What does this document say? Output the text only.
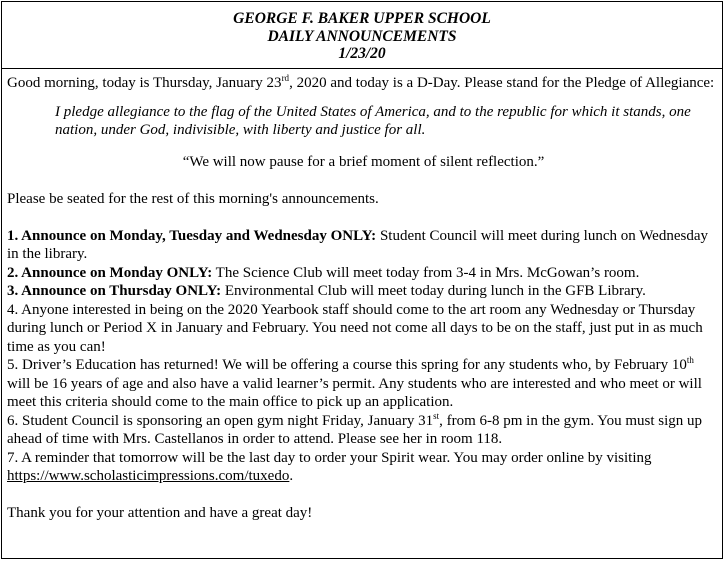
GEORGE F. BAKER UPPER SCHOOL
DAILY ANNOUNCEMENTS
1/23/20

Good morning, today is Thursday, January 23rd, 2020 and today is a D-Day. Please stand for the Pledge of Allegiance:

I pledge allegiance to the flag of the United States of America, and to the republic for which it stands, one nation, under God, indivisible, with liberty and justice for all.

“We will now pause for a brief moment of silent reflection.”

Please be seated for the rest of this morning's announcements.

1. Announce on Monday, Tuesday and Wednesday ONLY: Student Council will meet during lunch on Wednesday in the library.

2. Announce on Monday ONLY: The Science Club will meet today from 3-4 in Mrs. McGowan’s room.

3. Announce on Thursday ONLY: Environmental Club will meet today during lunch in the GFB Library.

4. Anyone interested in being on the 2020 Yearbook staff should come to the art room any Wednesday or Thursday during lunch or Period X in January and February. You need not come all days to be on the staff, just put in as much time as you can!

5. Driver’s Education has returned! We will be offering a course this spring for any students who, by February 10th will be 16 years of age and also have a valid learner’s permit. Any students who are interested and who meet or will meet this criteria should come to the main office to pick up an application.

6. Student Council is sponsoring an open gym night Friday, January 31st, from 6-8 pm in the gym. You must sign up ahead of time with Mrs. Castellanos in order to attend. Please see her in room 118.

7. A reminder that tomorrow will be the last day to order your Spirit wear. You may order online by visiting https://www.scholasticimpressions.com/tuxedo.

Thank you for your attention and have a great day!
